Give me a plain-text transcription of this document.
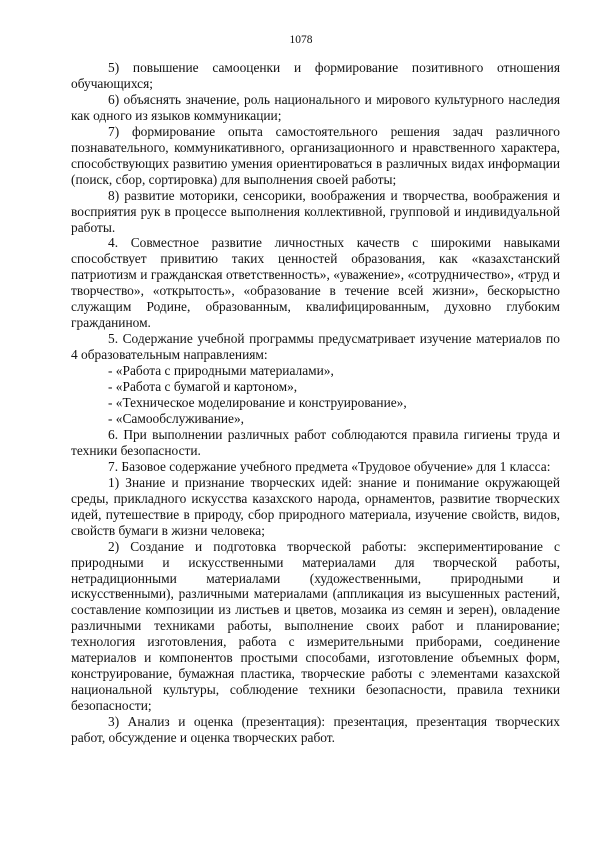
1078

5) повышение самооценки и формирование позитивного отношения обучающихся;

6) объяснять значение, роль национального и мирового культурного наследия как одного из языков коммуникации;

7) формирование опыта самостоятельного решения задач различного познавательного, коммуникативного, организационного и нравственного характера, способствующих развитию умения ориентироваться в различных видах информации (поиск, сбор, сортировка) для выполнения своей работы;

8) развитие моторики, сенсорики, воображения и творчества, воображения и восприятия рук в процессе выполнения коллективной, групповой и индивидуальной работы.

4. Совместное развитие личностных качеств с широкими навыками способствует привитию таких ценностей образования, как «казахстанский патриотизм и гражданская ответственность», «уважение», «сотрудничество», «труд и творчество», «открытость», «образование в течение всей жизни», бескорыстно служащим Родине, образованным, квалифицированным, духовно глубоким гражданином.

5. Содержание учебной программы предусматривает изучение материалов по 4 образовательным направлениям:

- «Работа с природными материалами»,

- «Работа с бумагой и картоном»,

- «Техническое моделирование и конструирование»,

- «Самообслуживание»,

6. При выполнении различных работ соблюдаются правила гигиены труда и техники безопасности.

7. Базовое содержание учебного предмета «Трудовое обучение» для 1 класса:

1) Знание и признание творческих идей: знание и понимание окружающей среды, прикладного искусства казахского народа, орнаментов, развитие творческих идей, путешествие в природу, сбор природного материала, изучение свойств, видов, свойств бумаги в жизни человека;

2) Создание и подготовка творческой работы: экспериментирование с природными и искусственными материалами для творческой работы, нетрадиционными материалами (художественными, природными и искусственными), различными материалами (аппликация из высушенных растений, составление композиции из листьев и цветов, мозаика из семян и зерен), овладение различными техниками работы, выполнение своих работ и планирование; технология изготовления, работа с измерительными приборами, соединение материалов и компонентов простыми способами, изготовление объемных форм, конструирование, бумажная пластика, творческие работы с элементами казахской национальной культуры, соблюдение техники безопасности, правила техники безопасности;

3) Анализ и оценка (презентация): презентация, презентация творческих работ, обсуждение и оценка творческих работ.
